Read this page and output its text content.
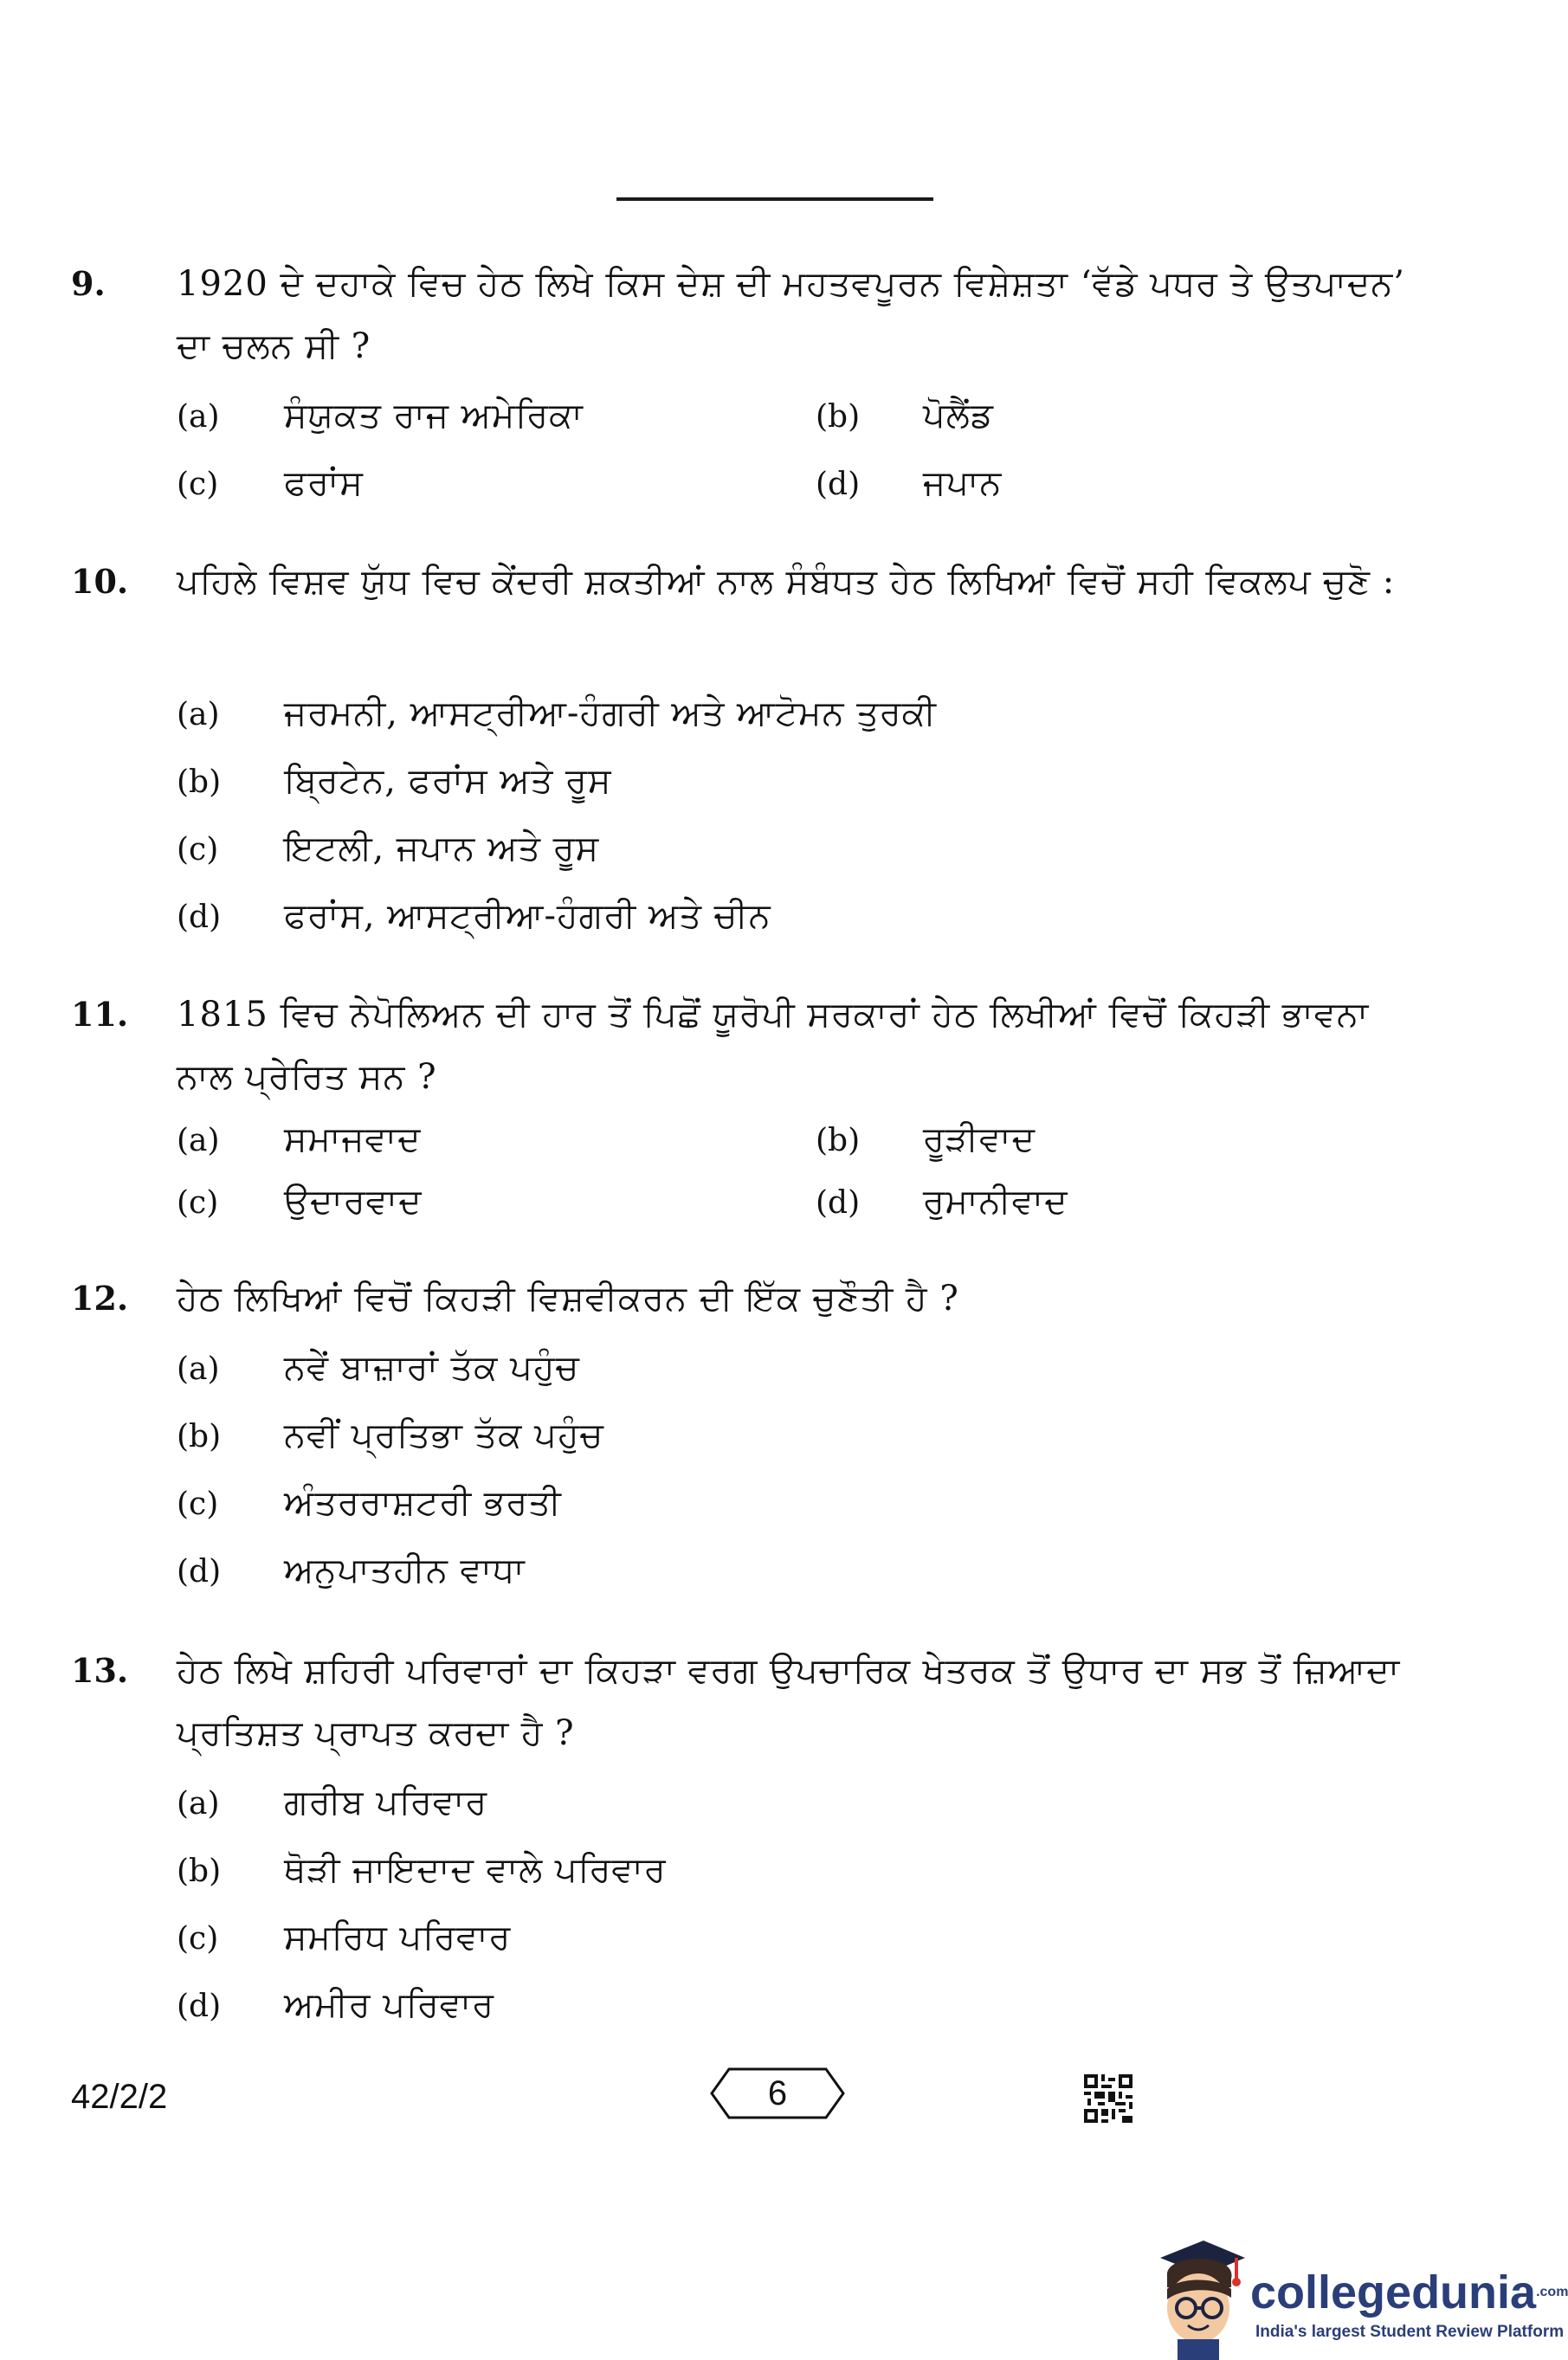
9. 1920 ਦੇ ਦਹਾਕੇ ਵਿਚ ਹੇਠ ਲਿਖੇ ਕਿਸ ਦੇਸ਼ ਦੀ ਮਹਤਵਪੂਰਨ ਵਿਸ਼ੇਸ਼ਤਾ ‘ਵੱਡੇ ਪਧਰ ਤੇ ਉਤਪਾਦਨ’ ਦਾ ਚਲਨ ਸੀ ?
(a) ਸੰਯੁਕਤ ਰਾਜ ਅਮੇਰਿਕਾ	(b) ਪੋਲੈਂਡ
(c) ਫਰਾਂਸ	(d) ਜਪਾਨ
10. ਪਹਿਲੇ ਵਿਸ਼ਵ ਯੁੱਧ ਵਿਚ ਕੇਂਦਰੀ ਸ਼ਕਤੀਆਂ ਨਾਲ ਸੰਬੰਧਤ ਹੇਠ ਲਿਖਿਆਂ ਵਿਚੋਂ ਸਹੀ ਵਿਕਲਪ ਚੁਣੋ :
(a) ਜਰਮਨੀ, ਆਸਟ੍ਰੀਆ-ਹੰਗਰੀ ਅਤੇ ਆਟੋਮਨ ਤੁਰਕੀ
(b) ਬ੍ਰਿਟੇਨ, ਫਰਾਂਸ ਅਤੇ ਰੂਸ
(c) ਇਟਲੀ, ਜਪਾਨ ਅਤੇ ਰੂਸ
(d) ਫਰਾਂਸ, ਆਸਟ੍ਰੀਆ-ਹੰਗਰੀ ਅਤੇ ਚੀਨ
11. 1815 ਵਿਚ ਨੇਪੋਲਿਅਨ ਦੀ ਹਾਰ ਤੋਂ ਪਿਛੋਂ ਯੂਰੋਪੀ ਸਰਕਾਰਾਂ ਹੇਠ ਲਿਖੀਆਂ ਵਿਚੋਂ ਕਿਹੜੀ ਭਾਵਨਾ ਨਾਲ ਪ੍ਰੇਰਿਤ ਸਨ ?
(a) ਸਮਾਜਵਾਦ	(b) ਰੂੜੀਵਾਦ
(c) ਉਦਾਰਵਾਦ	(d) ਰੁਮਾਨੀਵਾਦ
12. ਹੇਠ ਲਿਖਿਆਂ ਵਿਚੋਂ ਕਿਹੜੀ ਵਿਸ਼ਵੀਕਰਨ ਦੀ ਇੱਕ ਚੁਣੌਤੀ ਹੈ ?
(a) ਨਵੇਂ ਬਾਜ਼ਾਰਾਂ ਤੱਕ ਪਹੁੰਚ
(b) ਨਵੀਂ ਪ੍ਰਤਿਭਾ ਤੱਕ ਪਹੁੰਚ
(c) ਅੰਤਰਰਾਸ਼ਟਰੀ ਭਰਤੀ
(d) ਅਨੁਪਾਤਹੀਨ ਵਾਧਾ
13. ਹੇਠ ਲਿਖੇ ਸ਼ਹਿਰੀ ਪਰਿਵਾਰਾਂ ਦਾ ਕਿਹੜਾ ਵਰਗ ਉਪਚਾਰਿਕ ਖੇਤਰਕ ਤੋਂ ਉਧਾਰ ਦਾ ਸਭ ਤੋਂ ਜ਼ਿਆਦਾ ਪ੍ਰਤਿਸ਼ਤ ਪ੍ਰਾਪਤ ਕਰਦਾ ਹੈ ?
(a) ਗਰੀਬ ਪਰਿਵਾਰ
(b) ਥੋੜੀ ਜਾਇਦਾਦ ਵਾਲੇ ਪਰਿਵਾਰ
(c) ਸਮਰਿਧ ਪਰਿਵਾਰ
(d) ਅਮੀਰ ਪਰਿਵਾਰ
42/2/2	6
collegedunia$^{.com}$
India's largest Student Review Platform
